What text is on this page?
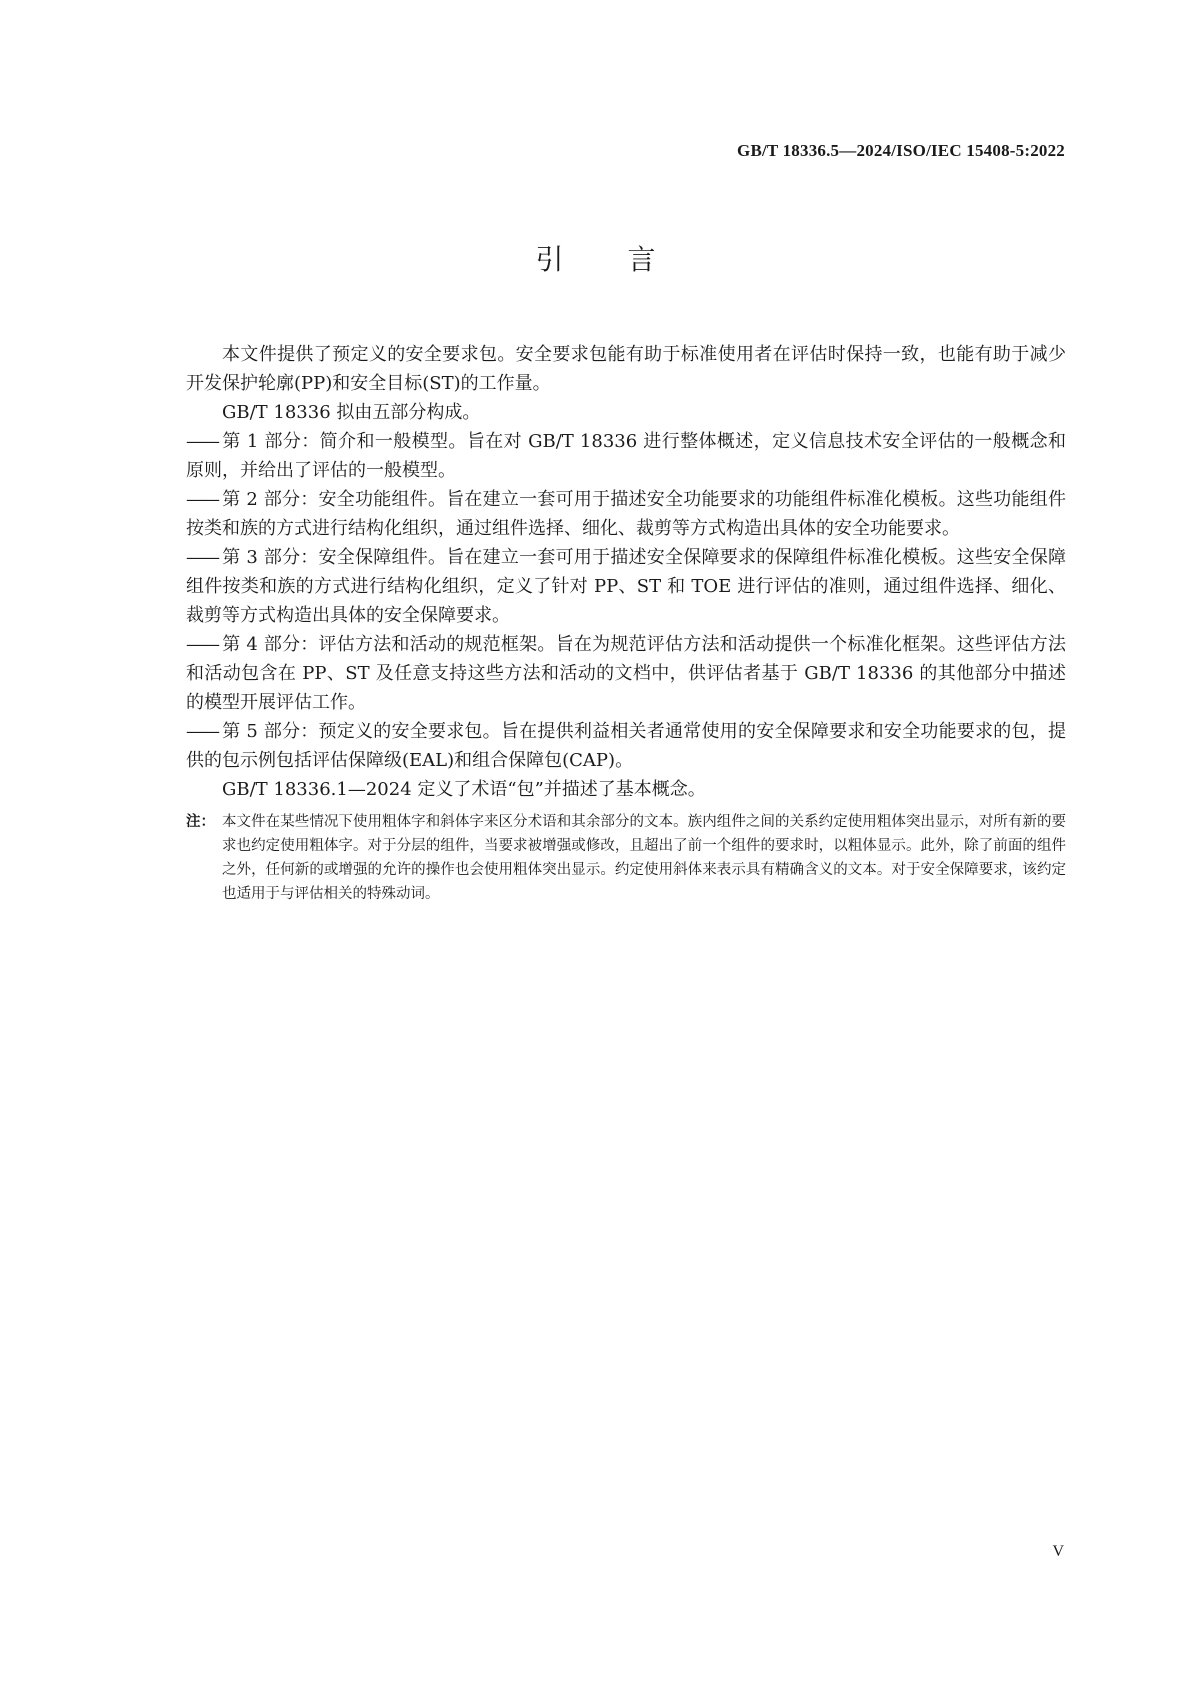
GB/T 18336.5—2024/ISO/IEC 15408-5:2022
引言

本文件提供了预定义的安全要求包。安全要求包能有助于标准使用者在评估时保持一致，也能有助于减少开发保护轮廓(PP)和安全目标(ST)的工作量。

GB/T 18336 拟由五部分构成。

—— 第 1 部分：简介和一般模型。旨在对 GB/T 18336 进行整体概述，定义信息技术安全评估的一般概念和原则，并给出了评估的一般模型。
—— 第 2 部分：安全功能组件。旨在建立一套可用于描述安全功能要求的功能组件标准化模板。这些功能组件按类和族的方式进行结构化组织，通过组件选择、细化、裁剪等方式构造出具体的安全功能要求。
—— 第 3 部分：安全保障组件。旨在建立一套可用于描述安全保障要求的保障组件标准化模板。这些安全保障组件按类和族的方式进行结构化组织，定义了针对 PP、ST 和 TOE 进行评估的准则，通过组件选择、细化、裁剪等方式构造出具体的安全保障要求。
—— 第 4 部分：评估方法和活动的规范框架。旨在为规范评估方法和活动提供一个标准化框架。这些评估方法和活动包含在 PP、ST 及任意支持这些方法和活动的文档中，供评估者基于 GB/T 18336 的其他部分中描述的模型开展评估工作。
—— 第 5 部分：预定义的安全要求包。旨在提供利益相关者通常使用的安全保障要求和安全功能要求的包，提供的包示例包括评估保障级(EAL)和组合保障包(CAP)。

GB/T 18336.1—2024 定义了术语“包”并描述了基本概念。

注： 本文件在某些情况下使用粗体字和斜体字来区分术语和其余部分的文本。族内组件之间的关系约定使用粗体突出显示，对所有新的要求也约定使用粗体字。对于分层的组件，当要求被增强或修改，且超出了前一个组件的要求时，以粗体显示。此外，除了前面的组件之外，任何新的或增强的允许的操作也会使用粗体突出显示。约定使用斜体来表示具有精确含义的文本。对于安全保障要求，该约定也适用于与评估相关的特殊动词。
V
